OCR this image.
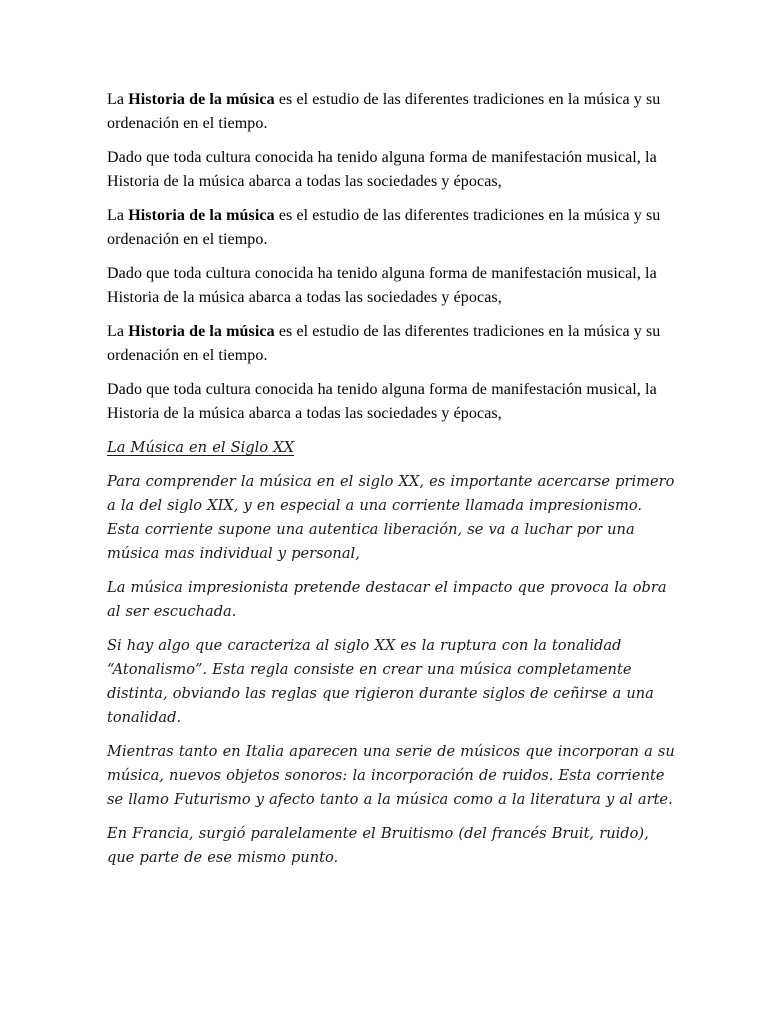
La Historia de la música es el estudio de las diferentes tradiciones en la música y su ordenación en el tiempo.

Dado que toda cultura conocida ha tenido alguna forma de manifestación musical, la Historia de la música abarca a todas las sociedades y épocas,

La Historia de la música es el estudio de las diferentes tradiciones en la música y su ordenación en el tiempo.

Dado que toda cultura conocida ha tenido alguna forma de manifestación musical, la Historia de la música abarca a todas las sociedades y épocas,

La Historia de la música es el estudio de las diferentes tradiciones en la música y su ordenación en el tiempo.

Dado que toda cultura conocida ha tenido alguna forma de manifestación musical, la Historia de la música abarca a todas las sociedades y épocas,

La Música en el Siglo XX

Para comprender la música en el siglo XX, es importante acercarse primero a la del siglo XIX, y en especial a una corriente llamada impresionismo. Esta corriente supone una autentica liberación, se va a luchar por una música mas individual y personal,

La música impresionista pretende destacar el impacto que provoca la obra al ser escuchada.

Si hay algo que caracteriza al siglo XX es la ruptura con la tonalidad “Atonalismo”. Esta regla consiste en crear una música completamente distinta, obviando las reglas que rigieron durante siglos de ceñirse a una tonalidad.

Mientras tanto en Italia aparecen una serie de músicos que incorporan a su música, nuevos objetos sonoros: la incorporación de ruidos. Esta corriente se llamo Futurismo y afecto tanto a la música como a la literatura y al arte.

En Francia, surgió paralelamente el Bruitismo (del francés Bruit, ruido), que parte de ese mismo punto.
